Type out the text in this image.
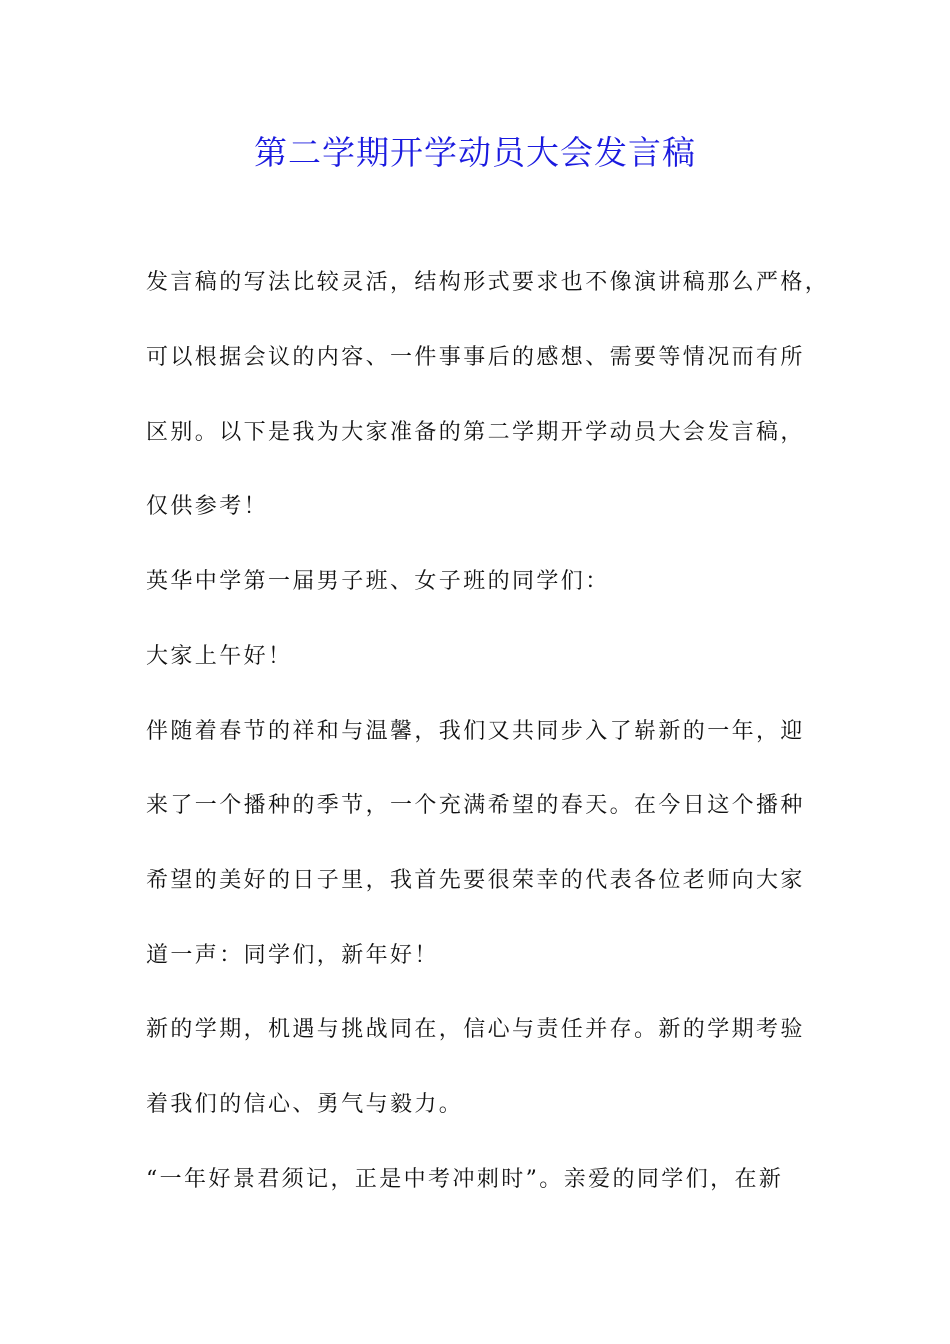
第二学期开学动员大会发言稿

发言稿的写法比较灵活，结构形式要求也不像演讲稿那么严格，

可以根据会议的内容、一件事事后的感想、需要等情况而有所

区别。以下是我为大家准备的第二学期开学动员大会发言稿，

仅供参考！

英华中学第一届男子班、女子班的同学们：

大家上午好！

伴随着春节的祥和与温馨，我们又共同步入了崭新的一年，迎

来了一个播种的季节，一个充满希望的春天。在今日这个播种

希望的美好的日子里，我首先要很荣幸的代表各位老师向大家

道一声：同学们，新年好！

新的学期，机遇与挑战同在，信心与责任并存。新的学期考验

着我们的信心、勇气与毅力。

“一年好景君须记，正是中考冲刺时”。亲爱的同学们，在新
